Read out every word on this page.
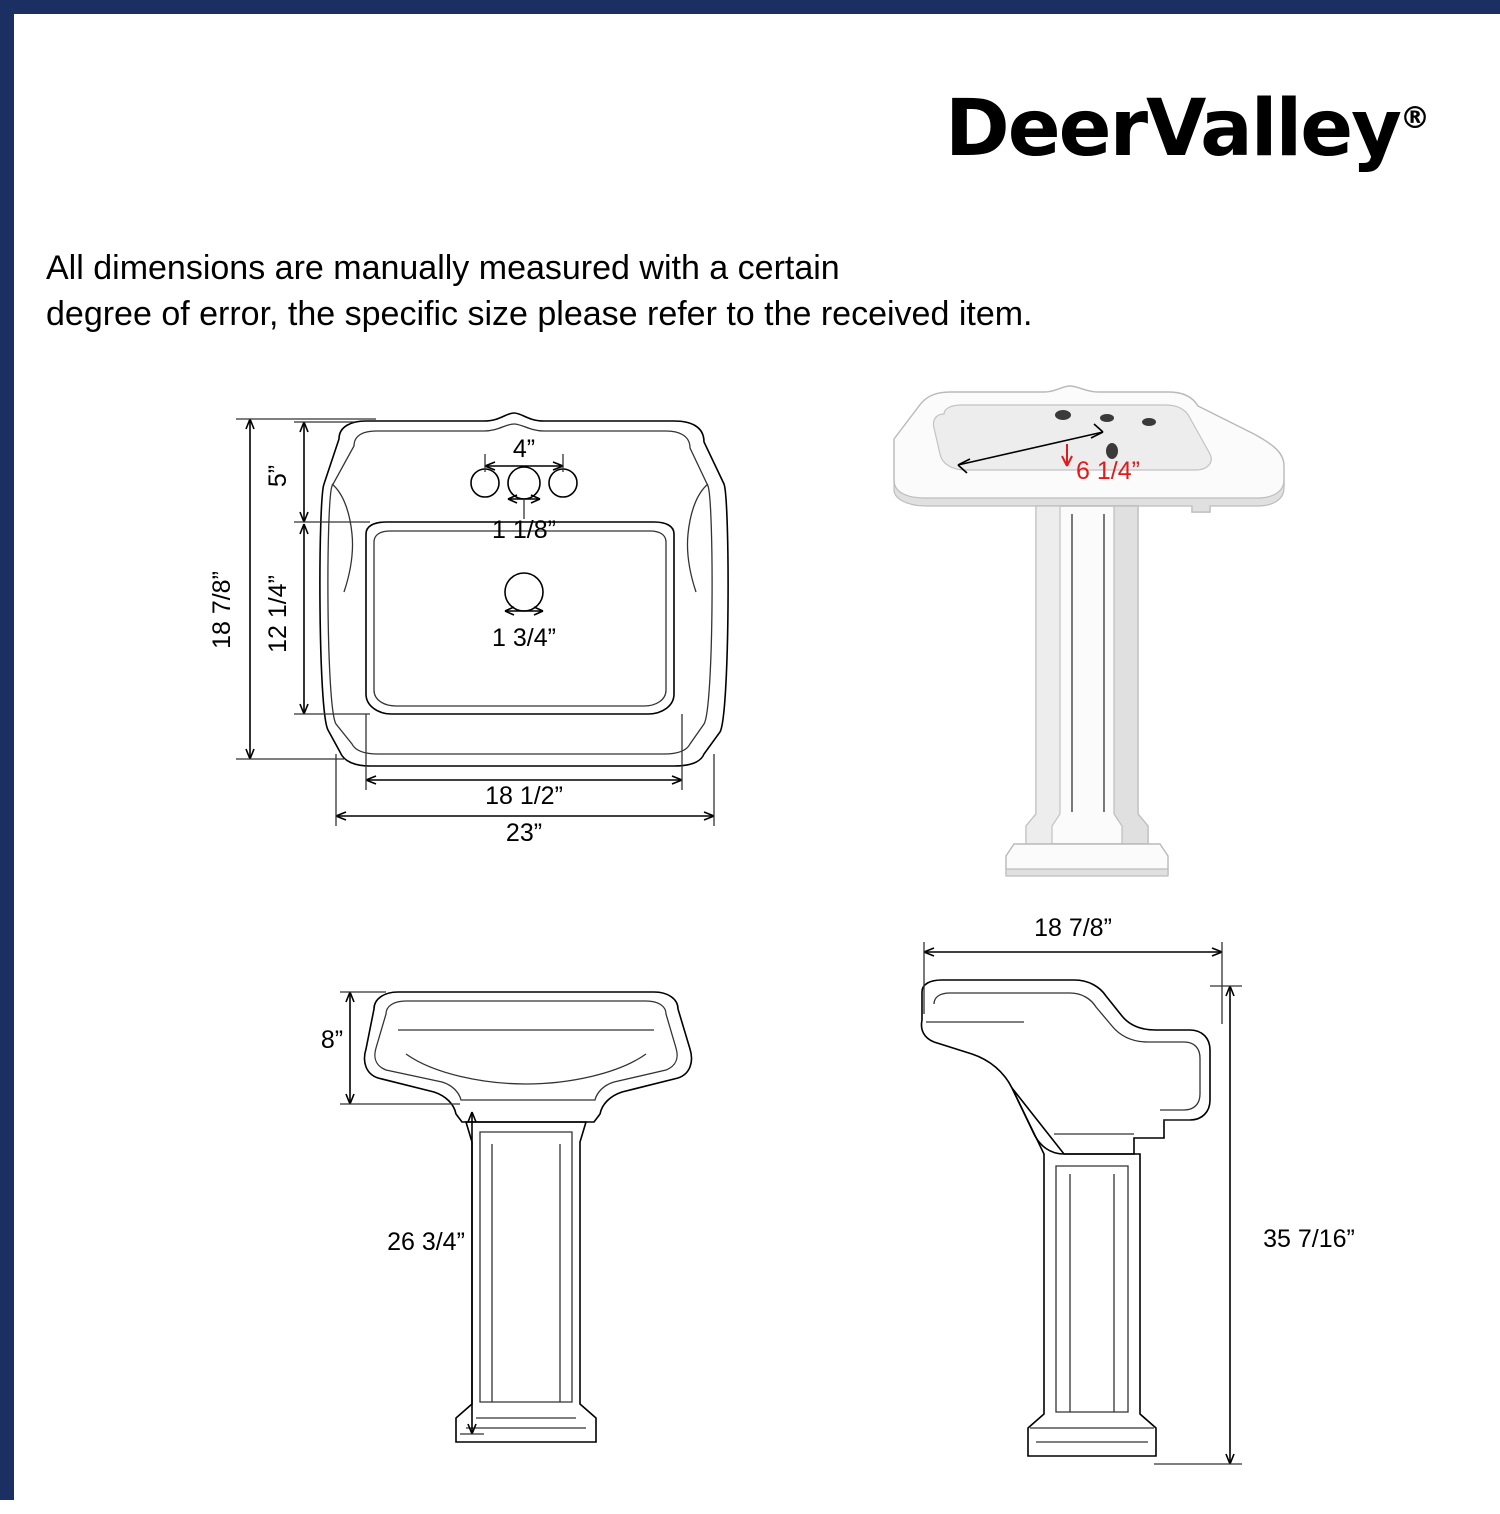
DeerValley®
All dimensions are manually measured with a certain
degree of error, the specific size please refer to the received item.
4”
1 1/8”
1 3/4”
5”
12 1/4”
18 7/8”
18 1/2”
23”
6 1/4”
8”
26 3/4”
18 7/8”
35 7/16”
